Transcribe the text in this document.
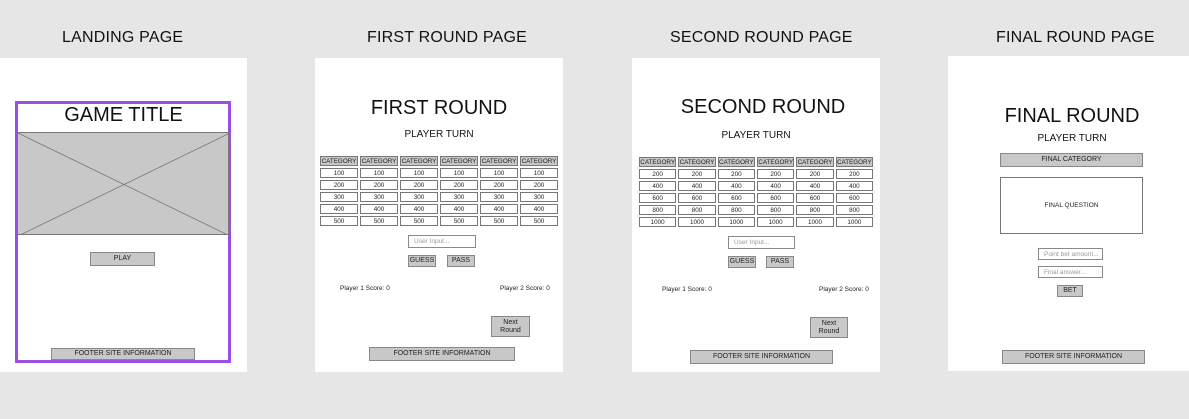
LANDING PAGE	FIRST ROUND PAGE	SECOND ROUND PAGE	FINAL ROUND PAGE
GAME TITLE
PLAY
FOOTER SITE INFORMATION
FIRST ROUND
PLAYER TURN
CATEGORY	CATEGORY	CATEGORY	CATEGORY	CATEGORY	CATEGORY
100	100	100	100	100	100
200	200	200	200	200	200
300	300	300	300	300	300
400	400	400	400	400	400
500	500	500	500	500	500
User Input...
GUESS	PASS
Player 1 Score: 0	Player 2 Score: 0
Next Round
FOOTER SITE INFORMATION
SECOND ROUND
PLAYER TURN
CATEGORY	CATEGORY	CATEGORY	CATEGORY	CATEGORY	CATEGORY
200	200	200	200	200	200
400	400	400	400	400	400
600	600	600	600	600	600
800	800	800	800	800	800
1000	1000	1000	1000	1000	1000
User Input...
GUESS	PASS
Player 1 Score: 0	Player 2 Score: 0
Next Round
FOOTER SITE INFORMATION
FINAL ROUND
PLAYER TURN
FINAL CATEGORY
FINAL QUESTION
Point bet amount...
Final answer...
BET
FOOTER SITE INFORMATION
